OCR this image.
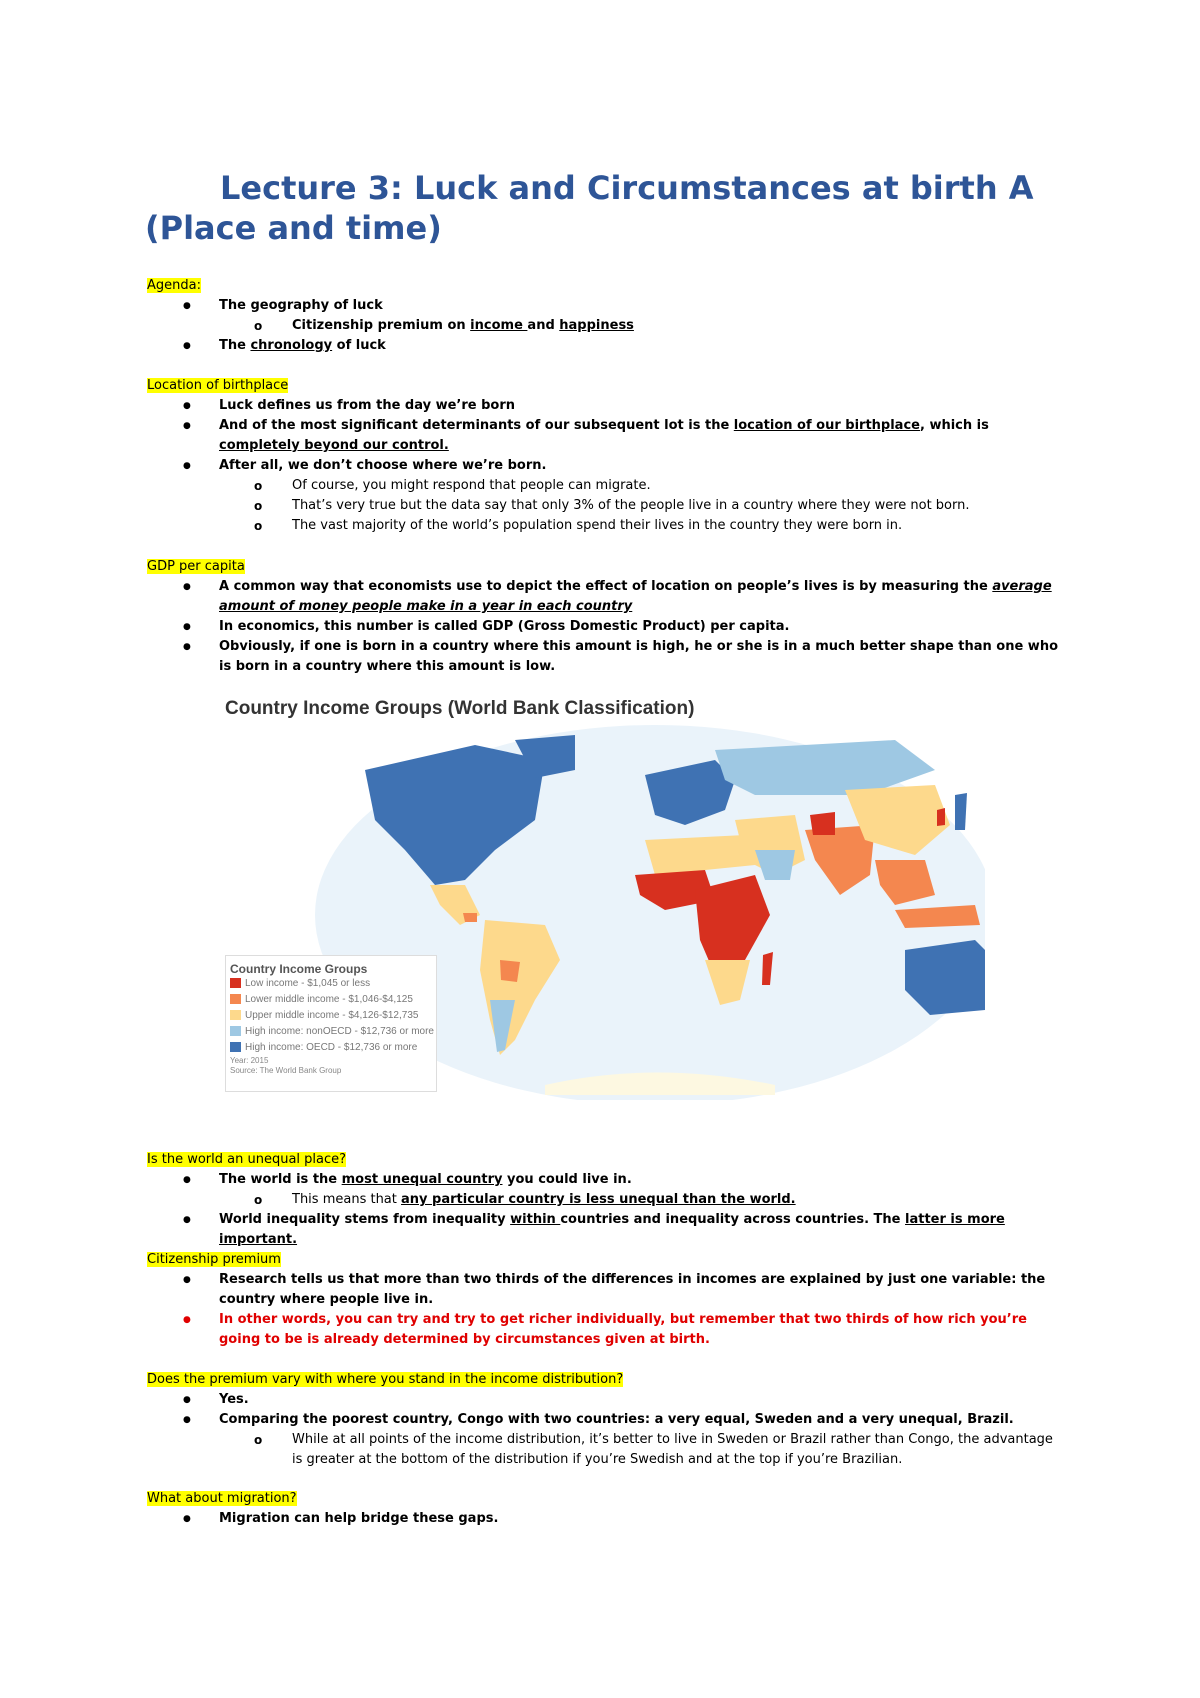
Lecture 3: Luck and Circumstances at birth A (Place and time)
Agenda:
● The geography of luck
o Citizenship premium on income and happiness
● The chronology of luck
Location of birthplace
● Luck defines us from the day we’re born
● And of the most significant determinants of our subsequent lot is the location of our birthplace, which is completely beyond our control.
● After all, we don’t choose where we’re born.
o Of course, you might respond that people can migrate.
o That’s very true but the data say that only 3% of the people live in a country where they were not born.
o The vast majority of the world’s population spend their lives in the country they were born in.
GDP per capita
● A common way that economists use to depict the effect of location on people’s lives is by measuring the average amount of money people make in a year in each country
● In economics, this number is called GDP (Gross Domestic Product) per capita.
● Obviously, if one is born in a country where this amount is high, he or she is in a much better shape than one who is born in a country where this amount is low.
Country Income Groups (World Bank Classification)
Country Income Groups
Low income - $1,045 or less
Lower middle income - $1,046-$4,125
Upper middle income - $4,126-$12,735
High income: nonOECD - $12,736 or more
High income: OECD - $12,736 or more
Year: 2015
Source: The World Bank Group
Is the world an unequal place?
● The world is the most unequal country you could live in.
o This means that any particular country is less unequal than the world.
● World inequality stems from inequality within countries and inequality across countries. The latter is more important.
Citizenship premium
● Research tells us that more than two thirds of the differences in incomes are explained by just one variable: the country where people live in.
● In other words, you can try and try to get richer individually, but remember that two thirds of how rich you’re going to be is already determined by circumstances given at birth.
Does the premium vary with where you stand in the income distribution?
● Yes.
● Comparing the poorest country, Congo with two countries: a very equal, Sweden and a very unequal, Brazil.
o While at all points of the income distribution, it’s better to live in Sweden or Brazil rather than Congo, the advantage is greater at the bottom of the distribution if you’re Swedish and at the top if you’re Brazilian.
What about migration?
● Migration can help bridge these gaps.
